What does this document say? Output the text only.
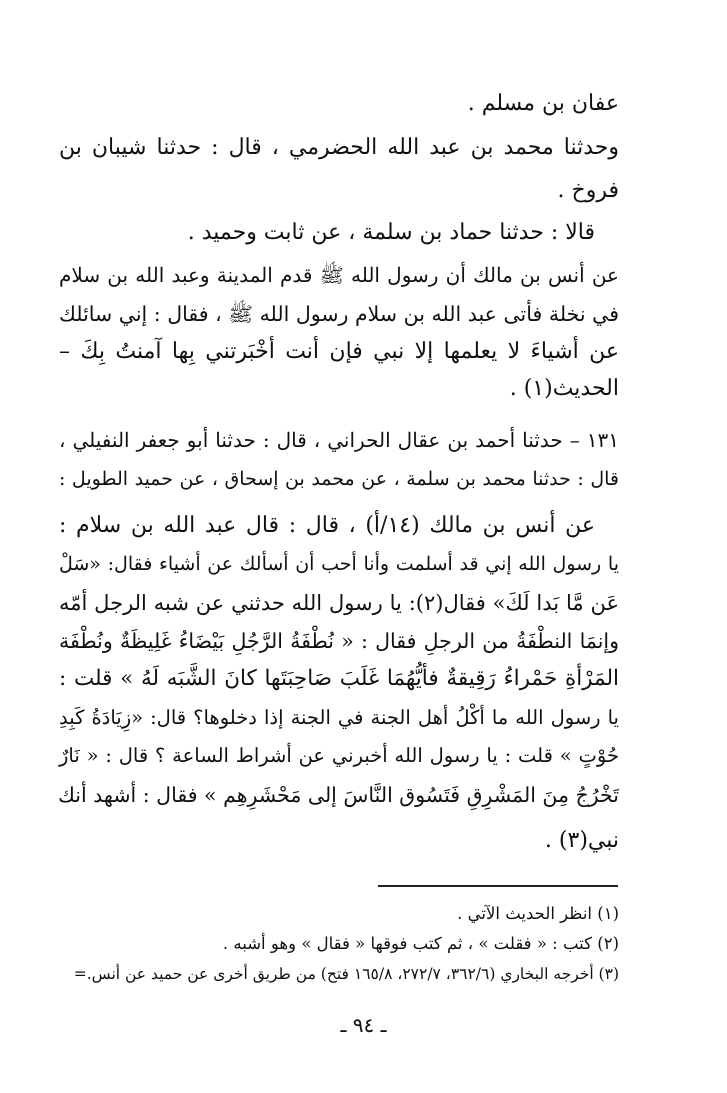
عفان بن مسلم .
وحدثنا محمد بن عبد الله الحضرمي ، قال : حدثنا شيبان بن
فروخ .
قالا : حدثنا حماد بن سلمة ، عن ثابت وحميد .
عن أنس بن مالك أن رسول الله ﷺ قدم المدينة وعبد الله بن سلام
في نخلة فأتى عبد الله بن سلام رسول الله ﷺ ، فقال : إني سائلك
عن أشياءَ لا يعلمها إلا نبي فإن أنت أخْبَرتني بِها آمنتُ بِكَ –
الحديث(١) .
١٣١ – حدثنا أحمد بن عقال الحراني ، قال : حدثنا أبو جعفر النفيلي ،
قال : حدثنا محمد بن سلمة ، عن محمد بن إسحاق ، عن حميد الطويل :
عن أنس بن مالك (١٤/أ) ، قال : قال عبد الله بن سلام :
يا رسول الله إني قد أسلمت وأنا أحب أن أسألك عن أشياء فقال: «سَلْ
عَن مَّا بَدا لَكَ» فقال(٢): يا رسول الله حدثني عن شبه الرجل أمّه
وإنمَا النطْفَةُ من الرجلِ فقال : « نُطْفَةُ الرَّجُلِ بَيْضَاءُ غَلِيظَةٌ ونُطْفَة
المَرْأةِ حَمْراءُ رَقِيقةٌ فأيُّهُمَا غَلَبَ صَاحِبَتَها كانَ الشَّبَه لَهُ » قلت :
يا رسول الله ما أكْلُ أهل الجنة في الجنة إذا دخلوها؟ قال: «زِيَادَةُ كَبِدِ
حُوْتٍ » قلت : يا رسول الله أخبرني عن أشراط الساعة ؟ قال : « نَارٌ
تَخْرُجُ مِنَ المَشْرِقِ فَتَسُوق النَّاسَ إلى مَحْشَرِهِم » فقال : أشهد أنك
نبي(٣) .
(١) انظر الحديث الآتي .
(٢) كتب : « فقلت » ، ثم كتب فوقها « فقال » وهو أشبه .
(٣) أخرجه البخاري (٣٦٢/٦، ٢٧٢/٧، ١٦٥/٨ فتح) من طريق أخرى عن حميد عن أنس.=
ـ ٩٤ ـ
